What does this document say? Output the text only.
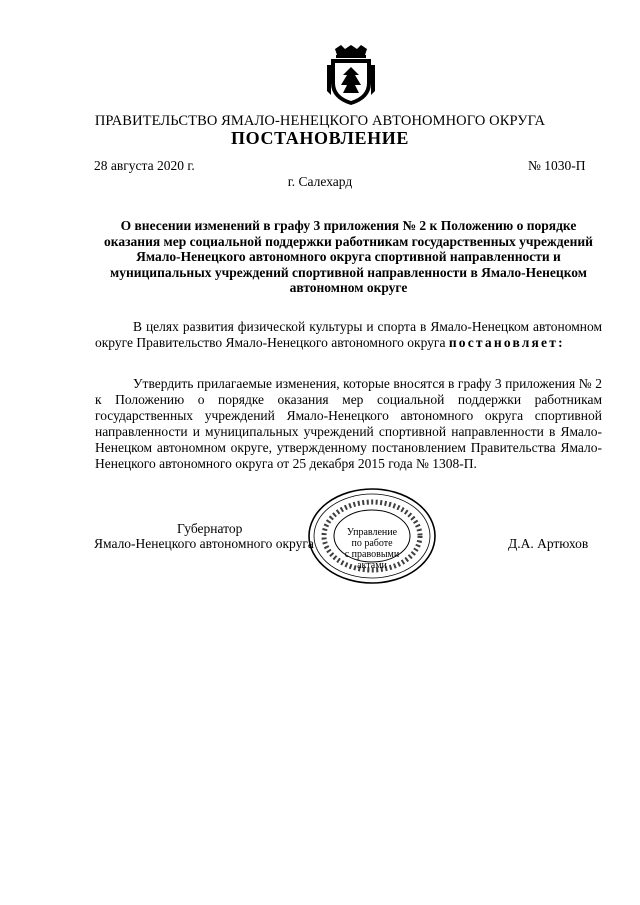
ПРАВИТЕЛЬСТВО ЯМАЛО-НЕНЕЦКОГО АВТОНОМНОГО ОКРУГА
ПОСТАНОВЛЕНИЕ
28 августа 2020 г.	№ 1030-П
г. Салехард
О внесении изменений в графу 3 приложения № 2 к Положению о порядке оказания мер социальной поддержки работникам государственных учреждений Ямало-Ненецкого автономного округа спортивной направленности и муниципальных учреждений спортивной направленности в Ямало-Ненецком автономном округе
В целях развития физической культуры и спорта в Ямало-Ненецком автономном округе Правительство Ямало-Ненецкого автономного округа постановляет:
Утвердить прилагаемые изменения, которые вносятся в графу 3 приложения № 2 к Положению о порядке оказания мер социальной поддержки работникам государственных учреждений Ямало-Ненецкого автономного округа спортивной направленности и муниципальных учреждений спортивной направленности в Ямало-Ненецком автономном округе, утвержденному постановлением Правительства Ямало-Ненецкого автономного округа от 25 декабря 2015 года № 1308-П.
Губернатор
Ямало-Ненецкого автономного округа	Д.А. Артюхов
Управление
по работе
с правовыми
актами
